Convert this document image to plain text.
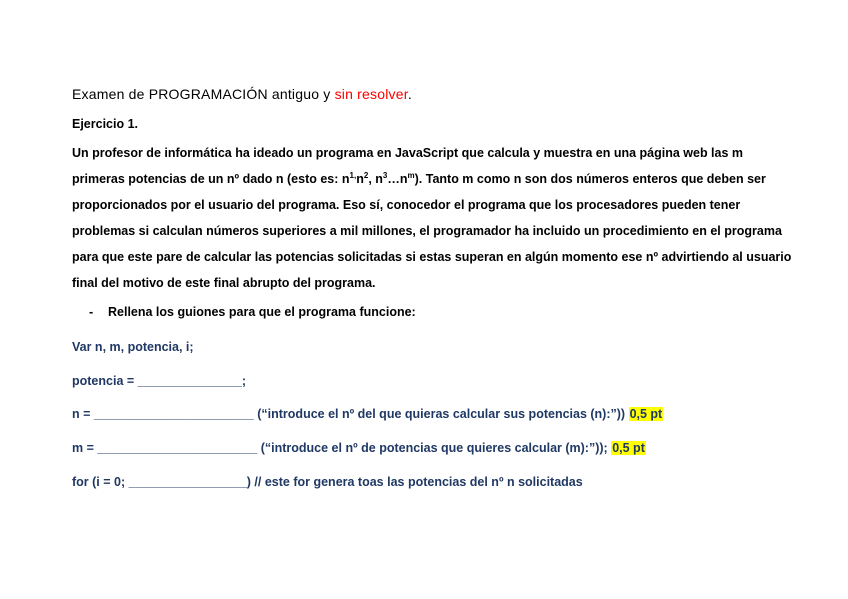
Examen de PROGRAMACIÓN antiguo y sin resolver.
Ejercicio 1.
Un profesor de informática ha ideado un programa en JavaScript que calcula y muestra en una página web las m
primeras potencias de un nº dado n (esto es: $n^{1,}n^2$, $n^3\dots n^m$). Tanto m como n son dos números enteros que deben ser
proporcionados por el usuario del programa. Eso sí, conocedor el programa que los procesadores pueden tener
problemas si calculan números superiores a mil millones, el programador ha incluido un procedimiento en el programa
para que este pare de calcular las potencias solicitadas si estas superan en algún momento ese nº advirtiendo al usuario
final del motivo de este final abrupto del programa.
- Rellena los guiones para que el programa funcione:
Var n, m, potencia, i;
potencia = _______________;
n = _______________________ (“introduce el nº del que quieras calcular sus potencias (n):”)) 0,5 pt
m = _______________________ (“introduce el nº de potencias que quieres calcular (m):”)); 0,5 pt
for (i = 0; _________________) // este for genera toas las potencias del nº n solicitadas
